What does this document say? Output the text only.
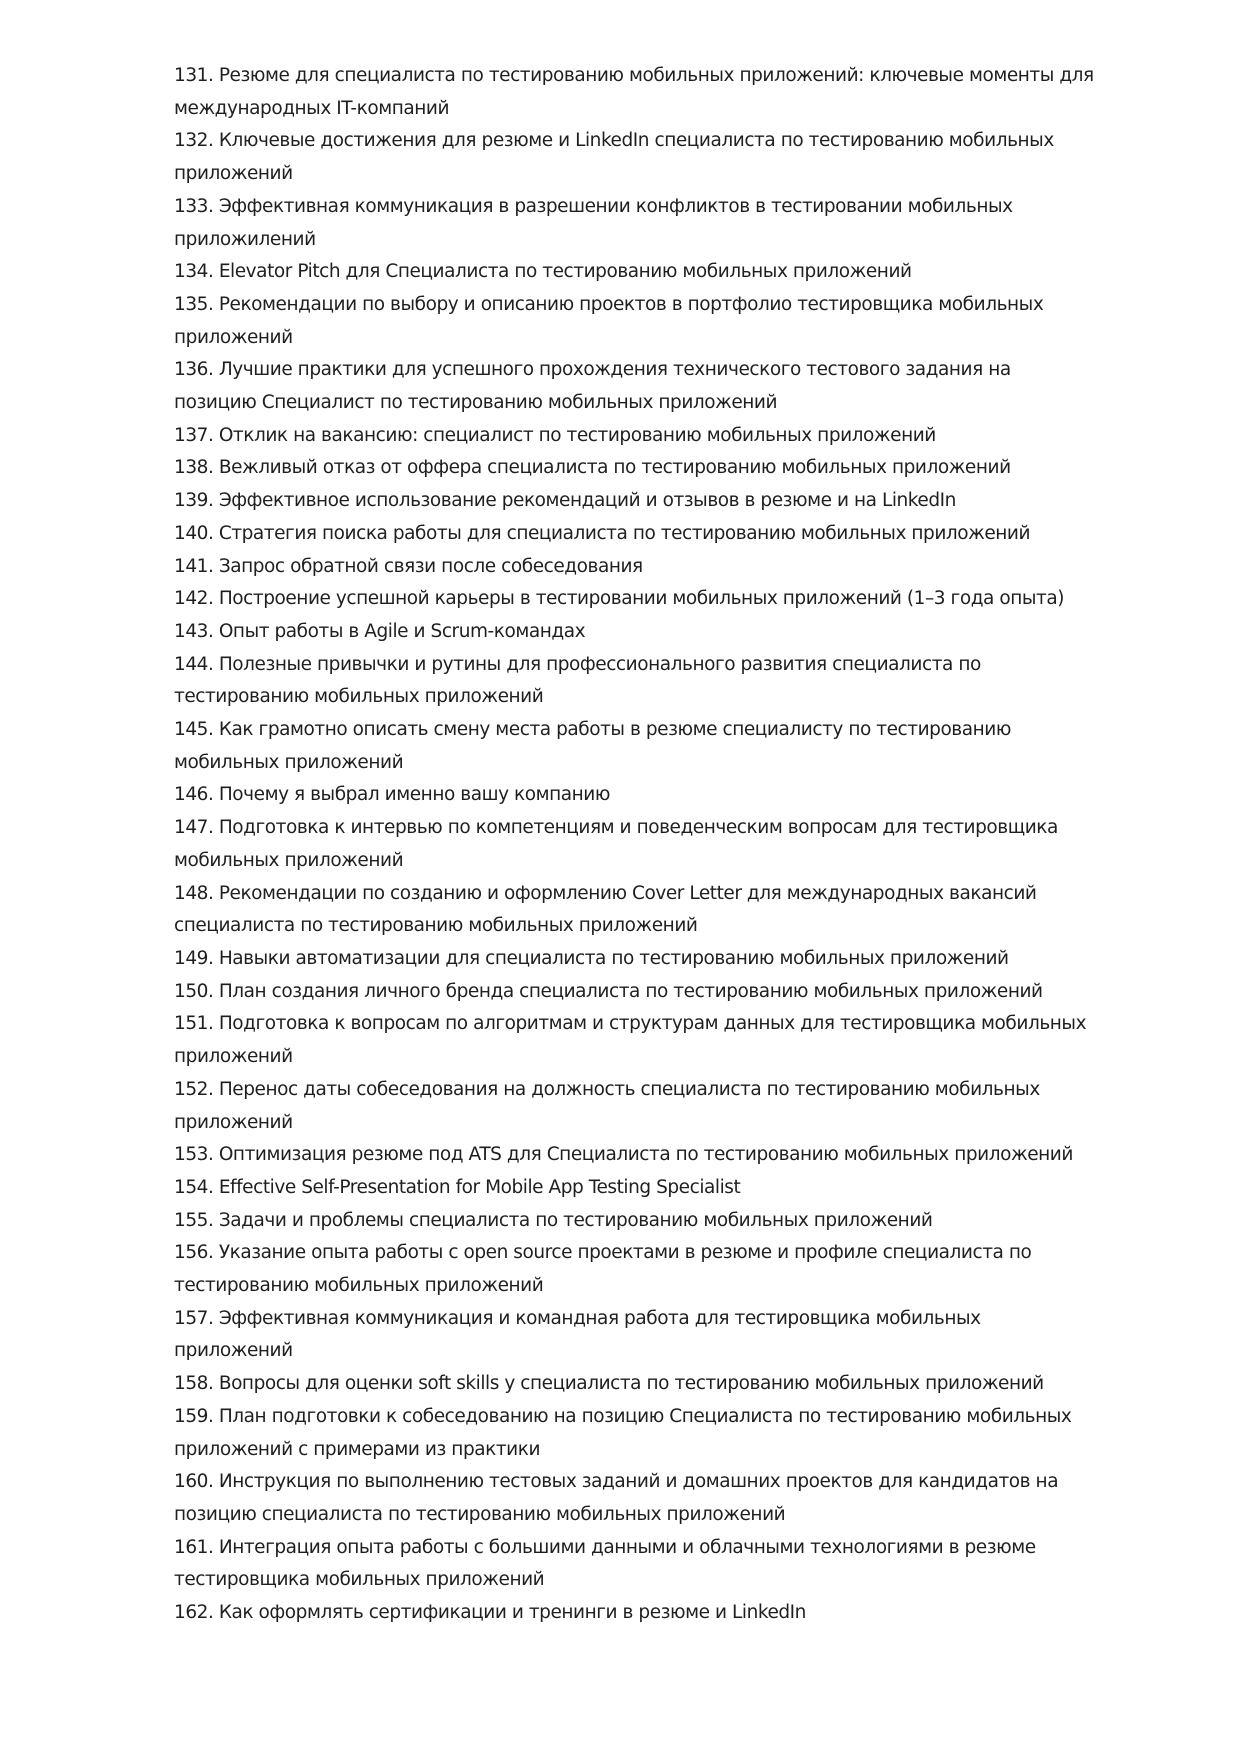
131. Резюме для специалиста по тестированию мобильных приложений: ключевые моменты для международных IT-компаний
132. Ключевые достижения для резюме и LinkedIn специалиста по тестированию мобильных приложений
133. Эффективная коммуникация в разрешении конфликтов в тестировании мобильных приложилений
134. Elevator Pitch для Специалиста по тестированию мобильных приложений
135. Рекомендации по выбору и описанию проектов в портфолио тестировщика мобильных приложений
136. Лучшие практики для успешного прохождения технического тестового задания на позицию Специалист по тестированию мобильных приложений
137. Отклик на вакансию: специалист по тестированию мобильных приложений
138. Вежливый отказ от оффера специалиста по тестированию мобильных приложений
139. Эффективное использование рекомендаций и отзывов в резюме и на LinkedIn
140. Стратегия поиска работы для специалиста по тестированию мобильных приложений
141. Запрос обратной связи после собеседования
142. Построение успешной карьеры в тестировании мобильных приложений (1–3 года опыта)
143. Опыт работы в Agile и Scrum-командах
144. Полезные привычки и рутины для профессионального развития специалиста по тестированию мобильных приложений
145. Как грамотно описать смену места работы в резюме специалисту по тестированию мобильных приложений
146. Почему я выбрал именно вашу компанию
147. Подготовка к интервью по компетенциям и поведенческим вопросам для тестировщика мобильных приложений
148. Рекомендации по созданию и оформлению Cover Letter для международных вакансий специалиста по тестированию мобильных приложений
149. Навыки автоматизации для специалиста по тестированию мобильных приложений
150. План создания личного бренда специалиста по тестированию мобильных приложений
151. Подготовка к вопросам по алгоритмам и структурам данных для тестировщика мобильных приложений
152. Перенос даты собеседования на должность специалиста по тестированию мобильных приложений
153. Оптимизация резюме под ATS для Специалиста по тестированию мобильных приложений
154. Effective Self-Presentation for Mobile App Testing Specialist
155. Задачи и проблемы специалиста по тестированию мобильных приложений
156. Указание опыта работы с open source проектами в резюме и профиле специалиста по тестированию мобильных приложений
157. Эффективная коммуникация и командная работа для тестировщика мобильных приложений
158. Вопросы для оценки soft skills у специалиста по тестированию мобильных приложений
159. План подготовки к собеседованию на позицию Специалиста по тестированию мобильных приложений с примерами из практики
160. Инструкция по выполнению тестовых заданий и домашних проектов для кандидатов на позицию специалиста по тестированию мобильных приложений
161. Интеграция опыта работы с большими данными и облачными технологиями в резюме тестировщика мобильных приложений
162. Как оформлять сертификации и тренинги в резюме и LinkedIn
